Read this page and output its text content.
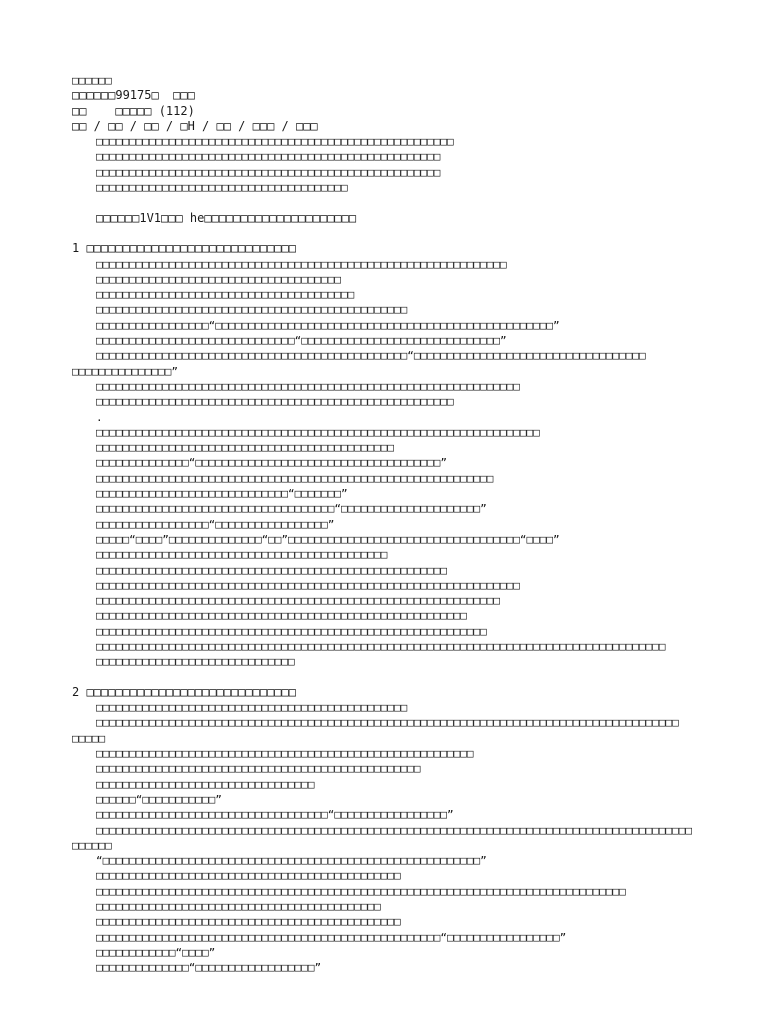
□□□□□□
□□□□□□99175□  □□□
□□    □□□□□ (112)
□□ / □□ / □□ / □H / □□ / □□□ / □□□
□□□□□□□□□□□□□□□□□□□□□□□□□□□□□□□□□□□□□□□□□□□□□□□□□□□□□□
□□□□□□□□□□□□□□□□□□□□□□□□□□□□□□□□□□□□□□□□□□□□□□□□□□□□
□□□□□□□□□□□□□□□□□□□□□□□□□□□□□□□□□□□□□□□□□□□□□□□□□□□□
□□□□□□□□□□□□□□□□□□□□□□□□□□□□□□□□□□□□□□
□□□□□□1V1□□□ he□□□□□□□□□□□□□□□□□□□□□
1 □□□□□□□□□□□□□□□□□□□□□□□□□□□□□
□□□□□□□□□□□□□□□□□□□□□□□□□□□□□□□□□□□□□□□□□□□□□□□□□□□□□□□□□□□□□□
□□□□□□□□□□□□□□□□□□□□□□□□□□□□□□□□□□□□□
□□□□□□□□□□□□□□□□□□□□□□□□□□□□□□□□□□□□□□□
□□□□□□□□□□□□□□□□□□□□□□□□□□□□□□□□□□□□□□□□□□□□□□□
□□□□□□□□□□□□□□□□□“□□□□□□□□□□□□□□□□□□□□□□□□□□□□□□□□□□□□□□□□□□□□□□□□□□□”
□□□□□□□□□□□□□□□□□□□□□□□□□□□□□□“□□□□□□□□□□□□□□□□□□□□□□□□□□□□□□”
□□□□□□□□□□□□□□□□□□□□□□□□□□□□□□□□□□□□□□□□□□□□□□□“□□□□□□□□□□□□□□□□□□□□□□□□□□□□□□□□□□□
□□□□□□□□□□□□□□□”
□□□□□□□□□□□□□□□□□□□□□□□□□□□□□□□□□□□□□□□□□□□□□□□□□□□□□□□□□□□□□□□□
□□□□□□□□□□□□□□□□□□□□□□□□□□□□□□□□□□□□□□□□□□□□□□□□□□□□□□
.
□□□□□□□□□□□□□□□□□□□□□□□□□□□□□□□□□□□□□□□□□□□□□□□□□□□□□□□□□□□□□□□□□□□
□□□□□□□□□□□□□□□□□□□□□□□□□□□□□□□□□□□□□□□□□□□□□
□□□□□□□□□□□□□□“□□□□□□□□□□□□□□□□□□□□□□□□□□□□□□□□□□□□□”
□□□□□□□□□□□□□□□□□□□□□□□□□□□□□□□□□□□□□□□□□□□□□□□□□□□□□□□□□□□□
□□□□□□□□□□□□□□□□□□□□□□□□□□□□□“□□□□□□□”
□□□□□□□□□□□□□□□□□□□□□□□□□□□□□□□□□□□□“□□□□□□□□□□□□□□□□□□□□□”
□□□□□□□□□□□□□□□□□“□□□□□□□□□□□□□□□□□”
□□□□□“□□□□”□□□□□□□□□□□□□□“□□”□□□□□□□□□□□□□□□□□□□□□□□□□□□□□□□□□□□“□□□□”
□□□□□□□□□□□□□□□□□□□□□□□□□□□□□□□□□□□□□□□□□□□□
□□□□□□□□□□□□□□□□□□□□□□□□□□□□□□□□□□□□□□□□□□□□□□□□□□□□□
□□□□□□□□□□□□□□□□□□□□□□□□□□□□□□□□□□□□□□□□□□□□□□□□□□□□□□□□□□□□□□□□
□□□□□□□□□□□□□□□□□□□□□□□□□□□□□□□□□□□□□□□□□□□□□□□□□□□□□□□□□□□□□
□□□□□□□□□□□□□□□□□□□□□□□□□□□□□□□□□□□□□□□□□□□□□□□□□□□□□□□□
□□□□□□□□□□□□□□□□□□□□□□□□□□□□□□□□□□□□□□□□□□□□□□□□□□□□□□□□□□□
□□□□□□□□□□□□□□□□□□□□□□□□□□□□□□□□□□□□□□□□□□□□□□□□□□□□□□□□□□□□□□□□□□□□□□□□□□□□□□□□□□□□□□
□□□□□□□□□□□□□□□□□□□□□□□□□□□□□□
2 □□□□□□□□□□□□□□□□□□□□□□□□□□□□□
□□□□□□□□□□□□□□□□□□□□□□□□□□□□□□□□□□□□□□□□□□□□□□□
□□□□□□□□□□□□□□□□□□□□□□□□□□□□□□□□□□□□□□□□□□□□□□□□□□□□□□□□□□□□□□□□□□□□□□□□□□□□□□□□□□□□□□□□
□□□□□
□□□□□□□□□□□□□□□□□□□□□□□□□□□□□□□□□□□□□□□□□□□□□□□□□□□□□□□□□
□□□□□□□□□□□□□□□□□□□□□□□□□□□□□□□□□□□□□□□□□□□□□□□□□
□□□□□□□□□□□□□□□□□□□□□□□□□□□□□□□□□
□□□□□□“□□□□□□□□□□□”
□□□□□□□□□□□□□□□□□□□□□□□□□□□□□□□□□□□“□□□□□□□□□□□□□□□□□”
□□□□□□□□□□□□□□□□□□□□□□□□□□□□□□□□□□□□□□□□□□□□□□□□□□□□□□□□□□□□□□□□□□□□□□□□□□□□□□□□□□□□□□□□□□
□□□□□□
“□□□□□□□□□□□□□□□□□□□□□□□□□□□□□□□□□□□□□□□□□□□□□□□□□□□□□□□□□”
□□□□□□□□□□□□□□□□□□□□□□□□□□□□□□□□□□□□□□□□□□□□□□
□□□□□□□□□□□□□□□□□□□□□□□□□□□□□□□□□□□□□□□□□□□□□□□□□□□□□□□□□□□□□□□□□□□□□□□□□□□□□□□□
□□□□□□□□□□□□□□□□□□□□□□□□□□□□□□□□□□□□□□□□□□□
□□□□□□□□□□□□□□□□□□□□□□□□□□□□□□□□□□□□□□□□□□□□□□
□□□□□□□□□□□□□□□□□□□□□□□□□□□□□□□□□□□□□□□□□□□□□□□□□□□□“□□□□□□□□□□□□□□□□□”
□□□□□□□□□□□□“□□□□”
□□□□□□□□□□□□□□“□□□□□□□□□□□□□□□□□□”
